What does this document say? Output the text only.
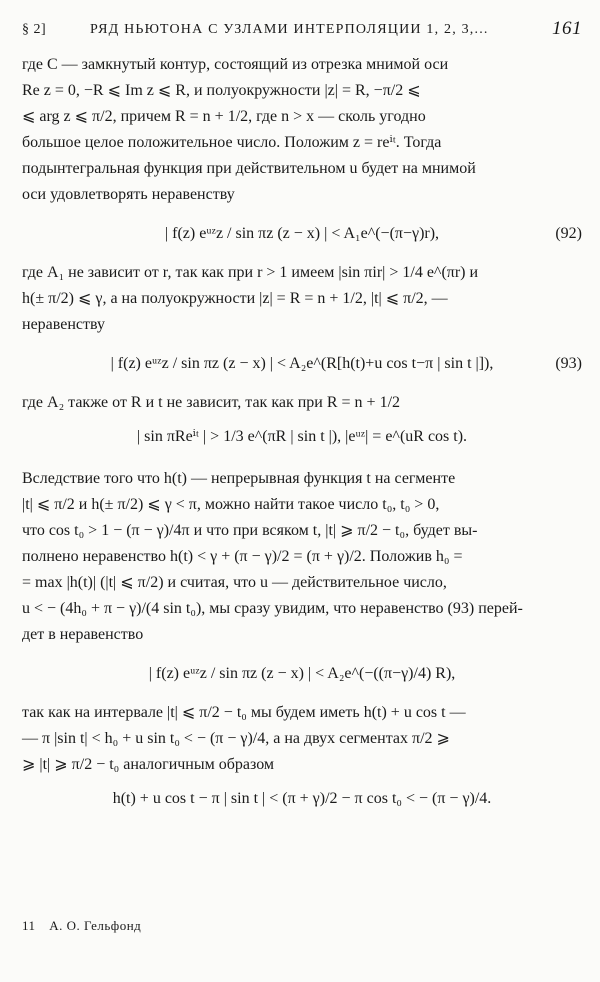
§ 2]	РЯД НЬЮТОНА С УЗЛАМИ ИНТЕРПОЛЯЦИИ 1, 2, 3,...	161

где C — замкнутый контур, состоящий из отрезка мнимой оси

Re z = 0, −R ⩽ Im z ⩽ R, и полуокружности |z| = R, −π/2 ⩽

⩽ arg z ⩽ π/2, причем R = n + 1/2, где n > x — сколь угодно

большое целое положительное число. Положим z = reⁱᵗ. Тогда

подынтегральная функция при действительном u будет на мнимой

оси удовлетворять неравенству

| f(z) eᵘᶻz / sin πz (z − x) | < A₁e^(−(π−γ)r),	(92)

где A₁ не зависит от r, так как при r > 1 имеем |sin πir| > 1/4 e^(πr) и

h(± π/2) ⩽ γ, а на полуокружности |z| = R = n + 1/2, |t| ⩽ π/2, —

неравенству

| f(z) eᵘᶻz / sin πz (z − x) | < A₂e^(R[h(t)+u cos t−π | sin t |]),	(93)

где A₂ также от R и t не зависит, так как при R = n + 1/2

| sin πReⁱᵗ | > 1/3 e^(πR | sin t |), |eᵘᶻ| = e^(uR cos t).

Вследствие того что h(t) — непрерывная функция t на сегменте

|t| ⩽ π/2 и h(± π/2) ⩽ γ < π, можно найти такое число t₀, t₀ > 0,

что cos t₀ > 1 − (π − γ)/4π и что при всяком t, |t| ⩾ π/2 − t₀, будет вы-

полнено неравенство h(t) < γ + (π − γ)/2 = (π + γ)/2. Положив h₀ =

= max |h(t)| (|t| ⩽ π/2) и считая, что u — действительное число,

u < − (4h₀ + π − γ)/(4 sin t₀), мы сразу увидим, что неравенство (93) перей-

дет в неравенство

| f(z) eᵘᶻz / sin πz (z − x) | < A₂e^(−((π−γ)/4) R),

так как на интервале |t| ⩽ π/2 − t₀ мы будем иметь h(t) + u cos t —

— π |sin t| < h₀ + u sin t₀ < − (π − γ)/4, а на двух сегментах π/2 ⩾

⩾ |t| ⩾ π/2 − t₀ аналогичным образом

h(t) + u cos t − π | sin t | < (π + γ)/2 − π cos t₀ < − (π − γ)/4.
11 А. О. Гельфонд
